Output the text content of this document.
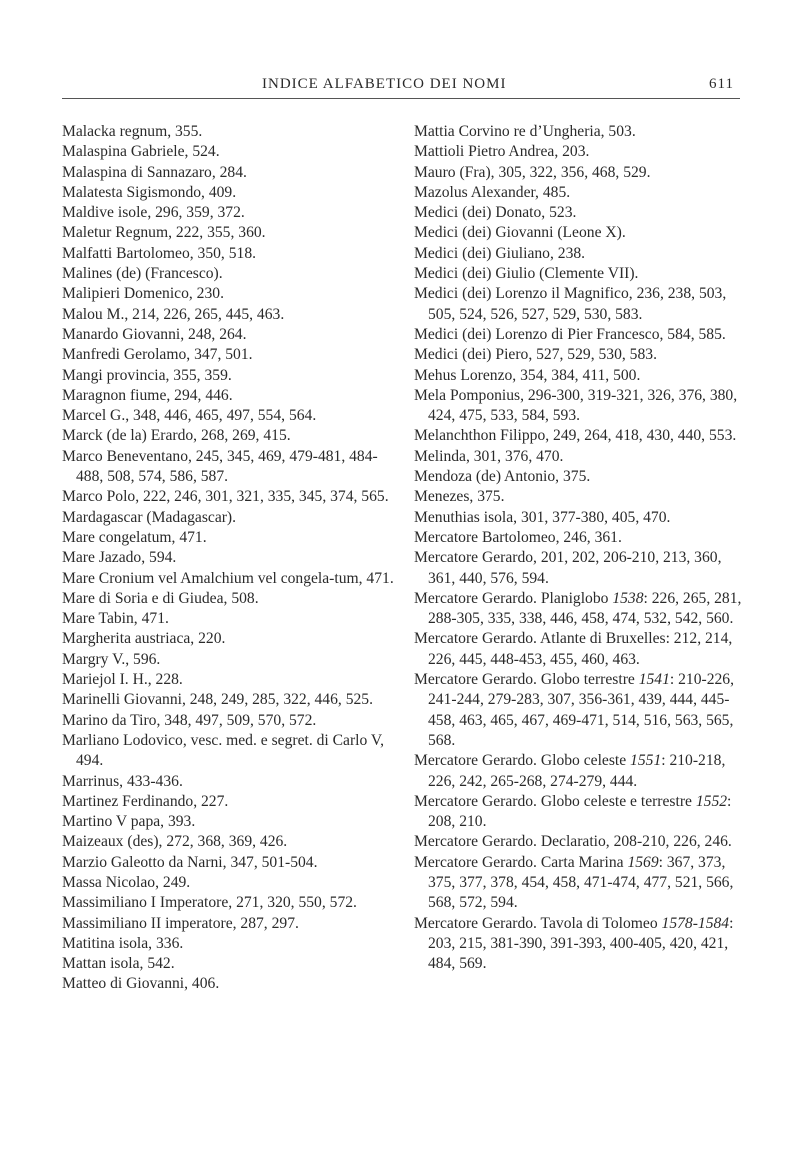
INDICE ALFABETICO DEI NOMI	611
Malacka regnum, 355.
Malaspina Gabriele, 524.
Malaspina di Sannazaro, 284.
Malatesta Sigismondo, 409.
Maldive isole, 296, 359, 372.
Maletur Regnum, 222, 355, 360.
Malfatti Bartolomeo, 350, 518.
Malines (de) (Francesco).
Malipieri Domenico, 230.
Malou M., 214, 226, 265, 445, 463.
Manardo Giovanni, 248, 264.
Manfredi Gerolamo, 347, 501.
Mangi provincia, 355, 359.
Maragnon fiume, 294, 446.
Marcel G., 348, 446, 465, 497, 554, 564.
Marck (de la) Erardo, 268, 269, 415.
Marco Beneventano, 245, 345, 469, 479-481, 484-488, 508, 574, 586, 587.
Marco Polo, 222, 246, 301, 321, 335, 345, 374, 565.
Mardagascar (Madagascar).
Mare congelatum, 471.
Mare Jazado, 594.
Mare Cronium vel Amalchium vel congela-tum, 471.
Mare di Soria e di Giudea, 508.
Mare Tabin, 471.
Margherita austriaca, 220.
Margry V., 596.
Mariejol I. H., 228.
Marinelli Giovanni, 248, 249, 285, 322, 446, 525.
Marino da Tiro, 348, 497, 509, 570, 572.
Marliano Lodovico, vesc. med. e segret. di Carlo V, 494.
Marrinus, 433-436.
Martinez Ferdinando, 227.
Martino V papa, 393.
Maizeaux (des), 272, 368, 369, 426.
Marzio Galeotto da Narni, 347, 501-504.
Massa Nicolao, 249.
Massimiliano I Imperatore, 271, 320, 550, 572.
Massimiliano II imperatore, 287, 297.
Matitina isola, 336.
Mattan isola, 542.
Matteo di Giovanni, 406.
Mattia Corvino re d’Ungheria, 503.
Mattioli Pietro Andrea, 203.
Mauro (Fra), 305, 322, 356, 468, 529.
Mazolus Alexander, 485.
Medici (dei) Donato, 523.
Medici (dei) Giovanni (Leone X).
Medici (dei) Giuliano, 238.
Medici (dei) Giulio (Clemente VII).
Medici (dei) Lorenzo il Magnifico, 236, 238, 503, 505, 524, 526, 527, 529, 530, 583.
Medici (dei) Lorenzo di Pier Francesco, 584, 585.
Medici (dei) Piero, 527, 529, 530, 583.
Mehus Lorenzo, 354, 384, 411, 500.
Mela Pomponius, 296-300, 319-321, 326, 376, 380, 424, 475, 533, 584, 593.
Melanchthon Filippo, 249, 264, 418, 430, 440, 553.
Melinda, 301, 376, 470.
Mendoza (de) Antonio, 375.
Menezes, 375.
Menuthias isola, 301, 377-380, 405, 470.
Mercatore Bartolomeo, 246, 361.
Mercatore Gerardo, 201, 202, 206-210, 213, 360, 361, 440, 576, 594.
Mercatore Gerardo. Planiglobo 1538: 226, 265, 281, 288-305, 335, 338, 446, 458, 474, 532, 542, 560.
Mercatore Gerardo. Atlante di Bruxelles: 212, 214, 226, 445, 448-453, 455, 460, 463.
Mercatore Gerardo. Globo terrestre 1541: 210-226, 241-244, 279-283, 307, 356-361, 439, 444, 445-458, 463, 465, 467, 469-471, 514, 516, 563, 565, 568.
Mercatore Gerardo. Globo celeste 1551: 210-218, 226, 242, 265-268, 274-279, 444.
Mercatore Gerardo. Globo celeste e terrestre 1552: 208, 210.
Mercatore Gerardo. Declaratio, 208-210, 226, 246.
Mercatore Gerardo. Carta Marina 1569: 367, 373, 375, 377, 378, 454, 458, 471-474, 477, 521, 566, 568, 572, 594.
Mercatore Gerardo. Tavola di Tolomeo 1578-1584: 203, 215, 381-390, 391-393, 400-405, 420, 421, 484, 569.
